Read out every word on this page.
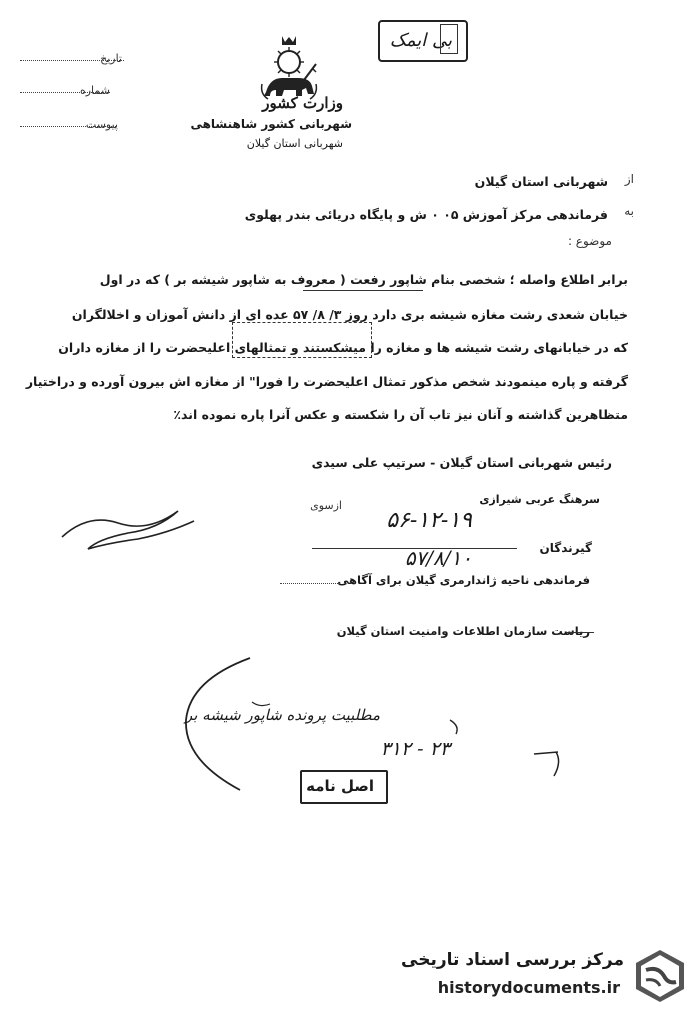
وزارت کشور
شهربانی کشور شاهنشاهی
شهربانی استان گیلان
تاریخ
شماره
پیوست
بی ایمک
از
شهربانی استان گیلان
به
فرماندهی مرکز آموزش ۰۵ ۰ ش و پایگاه دریائی بندر پهلوی
موضوع :
برابر اطلاع واصله ؛ شخصی بنام شاپور رفعت ( معروف به شاپور شیشه بر ) که در اول
خیابان شعدی رشت مغازه شیشه بری دارد روز ۳/ ۸/ ۵۷ عده ای از دانش آموزان و اخلالگران
که در خیابانهای رشت شیشه ها و مغازه را میشکستند و تمثالهای اعلیحضرت را از مغازه داران
گرفته و پاره مینمودند شخص مذکور تمثال اعلیحضرت را فورا" از مغازه اش بیرون آورده و دراختیار
متظاهرین گذاشته و آنان نیز تاب آن را شکسته و عکس آنرا پاره نموده اند٪
رئیس شهربانی استان گیلان - سرتیپ علی سیدی
سرهنگ عربی شیرازی
ازسوی
۵۶-۱۲-۱۹
گیرندگان
۵۷/۸/۱۰
فرماندهی ناحیه ژاندارمری گیلان برای آگاهی
ریاست سازمان اطلاعات وامنیت استان گیلان
مطلبیت پرونده شاپور شیشه بر
۳۱۲ - ۲۳
اصل نامه
مرکز بررسی اسناد تاریخی
historydocuments.ir
